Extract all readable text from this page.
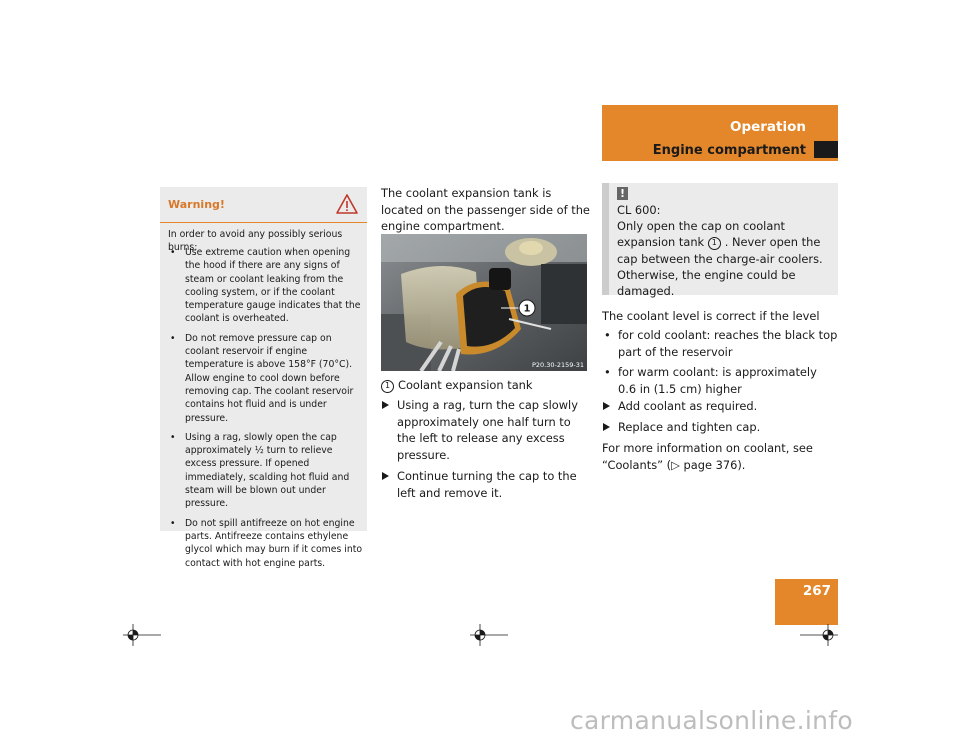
Operation
Engine compartment
Warning!
In order to avoid any possibly serious burns:
• Use extreme caution when opening the hood if there are any signs of steam or coolant leaking from the cooling system, or if the coolant temperature gauge indicates that the coolant is overheated.
• Do not remove pressure cap on coolant reservoir if engine temperature is above 158°F (70°C). Allow engine to cool down before removing cap. The coolant reservoir contains hot fluid and is under pressure.
• Using a rag, slowly open the cap approximately ½ turn to relieve excess pressure. If opened immediately, scalding hot fluid and steam will be blown out under pressure.
• Do not spill antifreeze on hot engine parts. Antifreeze contains ethylene glycol which may burn if it comes into contact with hot engine parts.
The coolant expansion tank is located on the passenger side of the engine compartment.
1
P20.30-2159-31
1 Coolant expansion tank
Using a rag, turn the cap slowly approximately one half turn to the left to release any excess pressure.
Continue turning the cap to the left and remove it.
!
CL 600:
Only open the cap on coolant expansion tank 1 . Never open the cap between the charge-air coolers. Otherwise, the engine could be damaged.
The coolant level is correct if the level
• for cold coolant: reaches the black top part of the reservoir
• for warm coolant: is approximately 0.6 in (1.5 cm) higher
Add coolant as required.
Replace and tighten cap.
For more information on coolant, see “Coolants” (▷ page 376).
267
carmanualsonline.info
